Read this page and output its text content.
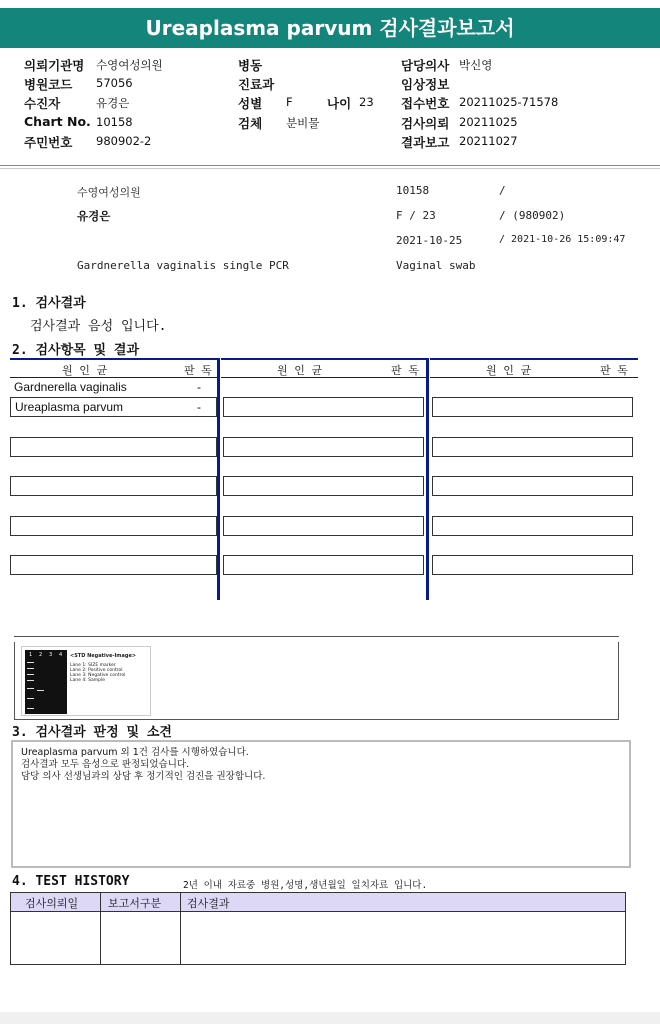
Ureaplasma parvum 검사결과보고서
의뢰기관명 수영여성의원
병원코드 57056
수진자	유경은
Chart No. 10158
주민번호 980902-2
병동
진료과
성별 F	나이 23
검체 분비물
담당의사 박신영
임상정보
접수번호 20211025-71578
검사의뢰 20211025
결과보고 20211027
수영여성의원	10158	/
유경은	F / 23	/ (980902)
2021-10-25	/ 2021-10-26 15:09:47
Gardnerella vaginalis single PCR	Vaginal swab
1. 검사결과
검사결과 음성 입니다.
2. 검사항목 및 결과
원 인 균	판 독	원 인 균	판 독	원 인 균	판 독
Gardnerella vaginalis	-
Ureaplasma parvum	-
1 2 3 4 <STD Negative-Image>
Lane 1: SIZE marker
Lane 2: Positive control
Lane 3: Negative control
Lane 4: Sample
3. 검사결과 판정 및 소견
Ureaplasma parvum 외 1건 검사를 시행하였습니다.
검사결과 모두 음성으로 판정되었습니다.
담당 의사 선생님과의 상담 후 정기적인 검진을 권장합니다.
4. TEST HISTORY	2년 이내 자료중 병원,성명,생년월일 일치자료 입니다.
검사의뢰일	보고서구분 검사결과
